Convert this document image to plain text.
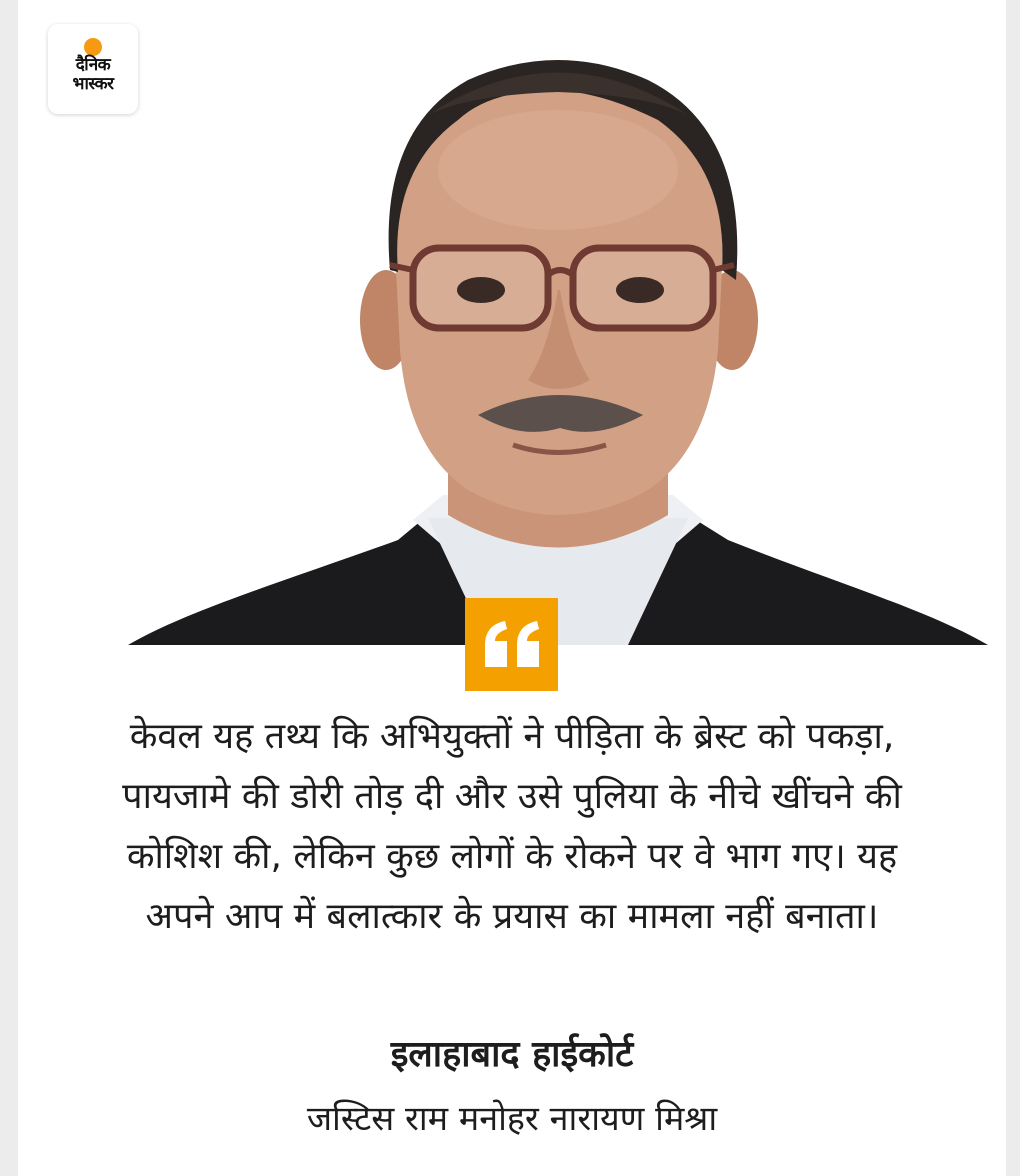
दैनिक
भास्कर
केवल यह तथ्य कि अभियुक्तों ने पीड़िता के ब्रेस्ट को पकड़ा,
पायजामे की डोरी तोड़ दी और उसे पुलिया के नीचे खींचने की
कोशिश की, लेकिन कुछ लोगों के रोकने पर वे भाग गए। यह
अपने आप में बलात्कार के प्रयास का मामला नहीं बनाता।
इलाहाबाद हाईकोर्ट
जस्टिस राम मनोहर नारायण मिश्रा
